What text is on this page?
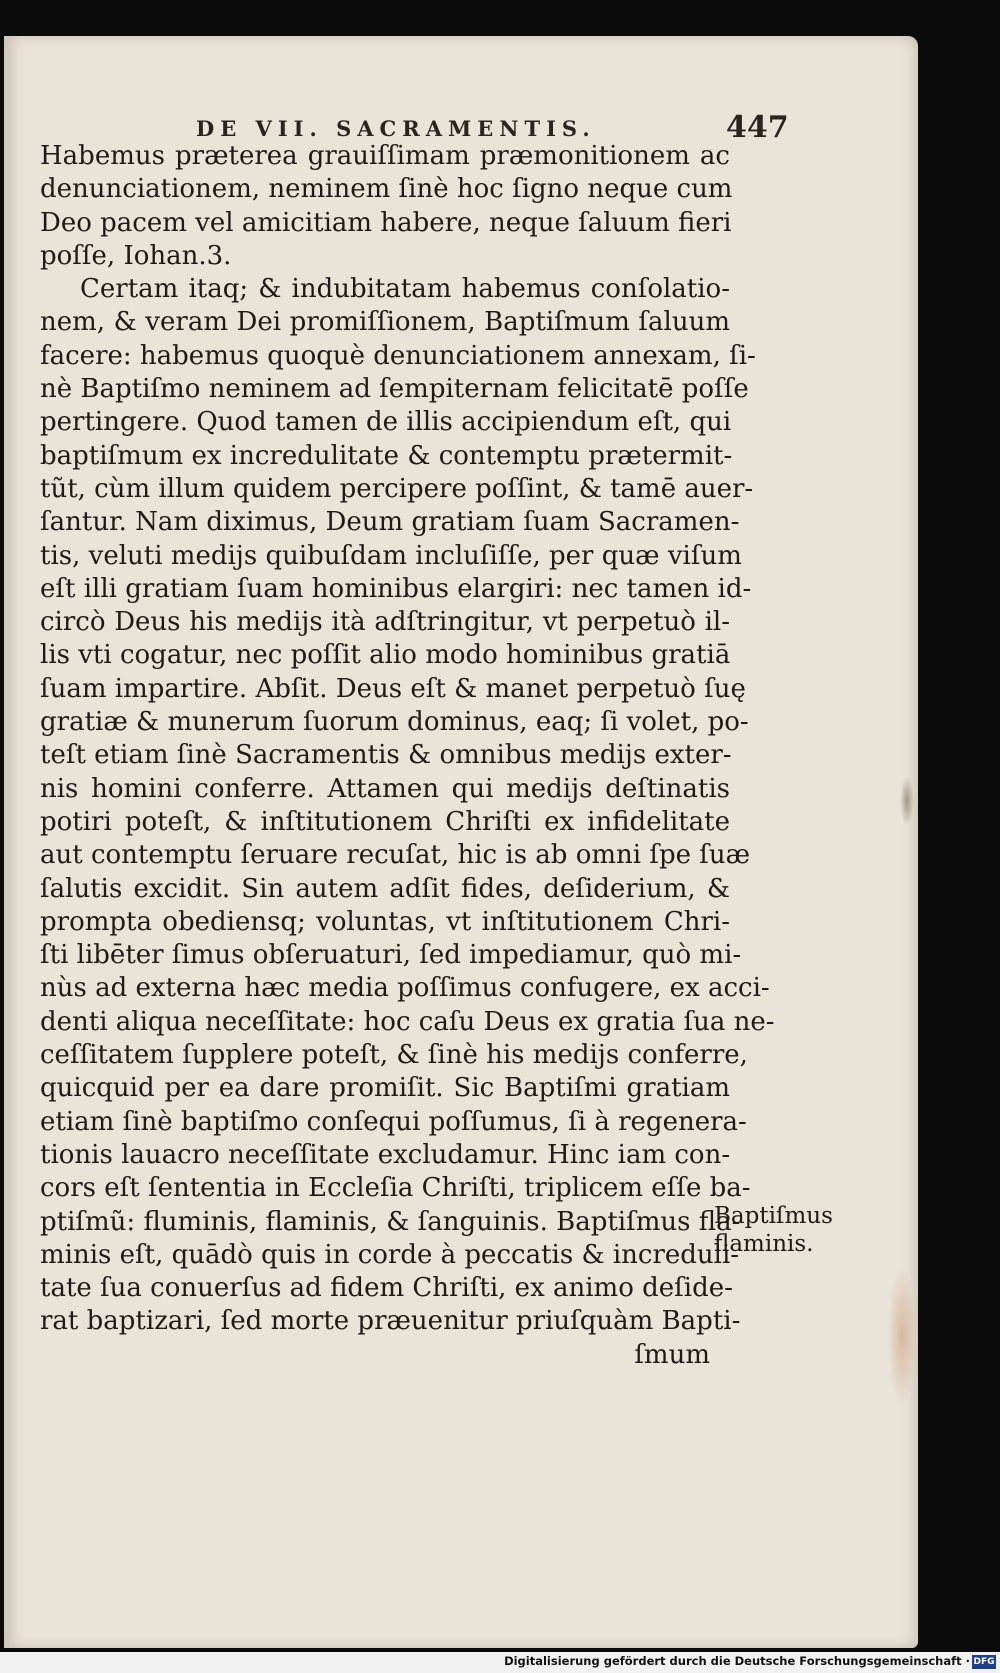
DE VII. SACRAMENTIS.	447
Habemus præterea grauiſſimam præmonitionem ac
denunciationem, neminem ſinè hoc ſigno neque cum
Deo pacem vel amicitiam habere, neque ſaluum fieri
poſſe, Iohan.3.
Certam itaq; & indubitatam habemus conſolatio-
nem, & veram Dei promiſſionem, Baptiſmum ſaluum
facere: habemus quoquè denunciationem annexam, ſi-
nè Baptiſmo neminem ad ſempiternam felicitatē poſſe
pertingere. Quod tamen de illis accipiendum eſt, qui
baptiſmum ex incredulitate & contemptu prætermit-
tũt, cùm illum quidem percipere poſſint, & tamē auer-
ſantur. Nam diximus, Deum gratiam ſuam Sacramen-
tis, veluti medijs quibuſdam incluſiſſe, per quæ viſum
eſt illi gratiam ſuam hominibus elargiri: nec tamen id-
circò Deus his medijs ità adſtringitur, vt perpetuò il-
lis vti cogatur, nec poſſit alio modo hominibus gratiā
ſuam impartire. Abſit. Deus eſt & manet perpetuò ſuę
gratiæ & munerum ſuorum dominus, eaq; ſi volet, po-
teſt etiam ſinè Sacramentis & omnibus medijs exter-
nis homini conferre. Attamen qui medijs deſtinatis
potiri poteſt, & inſtitutionem Chriſti ex infidelitate
aut contemptu ſeruare recuſat, hic is ab omni ſpe ſuæ
ſalutis excidit. Sin autem adſit fides, deſiderium, &
prompta obediensq; voluntas, vt inſtitutionem Chri-
ſti libēter ſimus obſeruaturi, ſed impediamur, quò mi-
nùs ad externa hæc media poſſimus confugere, ex acci-
denti aliqua neceſſitate: hoc caſu Deus ex gratia ſua ne-
ceſſitatem ſupplere poteſt, & ſinè his medijs conferre,
quicquid per ea dare promiſit. Sic Baptiſmi gratiam
etiam ſinè baptiſmo conſequi poſſumus, ſi à regenera-
tionis lauacro neceſſitate excludamur. Hinc iam con-
cors eſt ſententia in Eccleſia Chriſti, triplicem eſſe ba-
ptiſmũ: fluminis, flaminis, & ſanguinis. Baptiſmus fla-
minis eſt, quādò quis in corde à peccatis & increduli-
tate ſua conuerſus ad fidem Chriſti, ex animo deſide-
rat baptizari, ſed morte præuenitur priuſquàm Bapti-
ſmum
Baptiſmus
flaminis.
Digitalisierung gefördert durch die Deutsche Forschungsgemeinschaft · DFG
